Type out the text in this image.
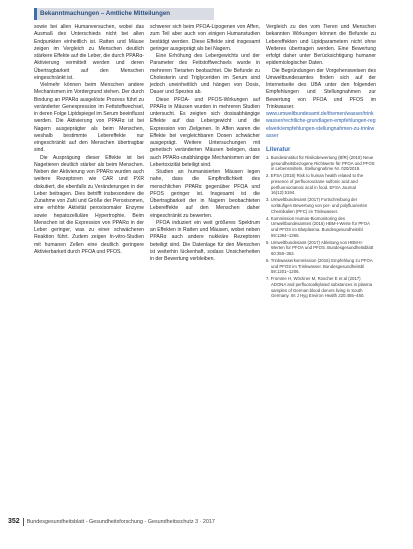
Bekanntmachungen – Amtliche Mitteilungen

sowie bei allen Humanversuchen, wobei das Ausmaß des Unterschieds nicht bei allen Endpunkten einheitlich ist. Ratten und Mäuse zeigen im Vergleich zu Menschen deutlich stärkere Effekte auf die Leber, die durch PPARα-Aktivierung vermittelt werden und deren Übertragbarkeit auf den Menschen eingeschränkt ist.

Vielmehr können beim Menschen andere Mechanismen im Vordergrund stehen. Der durch Bindung an PPARα ausgelöste Prozess führt zu veränderter Genexpression im Fettstoffwechsel, in deren Folge Lipidspiegel im Serum beeinflusst werden. Die Aktivierung von PPARα ist bei Nagern ausgeprägter als beim Menschen, weshalb bestimmte Lebereffekte nur eingeschränkt auf den Menschen übertragbar sind.

Die Ausprägung dieser Effekte ist bei Nagetieren deutlich stärker als beim Menschen. Neben der Aktivierung von PPARα wurden auch weitere Rezeptoren wie CAR und PXR diskutiert, die ebenfalls zu Veränderungen in der Leber beitragen. Dies betrifft insbesondere die Zunahme von Zahl und Größe der Peroxisomen, eine erhöhte Aktivität peroxisomaler Enzyme sowie hepatozelluläre Hypertrophie. Beim Menschen ist die Expression von PPARα in der Leber geringer, was zu einer schwächeren Reaktion führt. Zudem zeigen In-vitro-Studien mit humanen Zellen eine deutlich geringere Aktivierbarkeit durch PFOA und PFOS.

schwerer sich beim PFOA-Lipogenen von Affen, zum Teil aber auch von einigen Humanstudien bestätigt werden. Diese Effekte sind insgesamt geringer ausgeprägt als bei Nagern.

Eine Erhöhung des Lebergewichts und der Parameter des Fettstoffwechsels wurde in mehreren Tierarten beobachtet. Die Befunde zu Cholesterin und Triglyceriden im Serum sind jedoch uneinheitlich und hängen von Dosis, Dauer und Spezies ab.

Diese PFOA- und PFOS-Wirkungen auf PPARα in Mäusen wurden in mehreren Studien untersucht. Es zeigten sich dosisabhängige Effekte auf das Lebergewicht und die Expression von Zielgenen. In Affen waren die Effekte bei vergleichbaren Dosen schwächer ausgeprägt. Weitere Untersuchungen mit genetisch veränderten Mäusen belegen, dass auch PPARα-unabhängige Mechanismen an der Lebertoxizität beteiligt sind.

Studien an humanisierten Mäusen legen nahe, dass die Empfindlichkeit des menschlichen PPARα gegenüber PFOA und PFOS geringer ist. Insgesamt ist die Übertragbarkeit der in Nagern beobachteten Lebereffekte auf den Menschen daher eingeschränkt zu bewerten.

PFOA induziert ein weit größeres Spektrum an Effekten in Ratten und Mäusen, wobei neben PPARα auch andere nukleäre Rezeptoren beteiligt sind. Die Datenlage für den Menschen ist weiterhin lückenhaft, sodass Unsicherheiten in der Bewertung verbleiben.

Vergleich zu den vom Tieren und Menschen bekannten Wirkungen können die Befunde zu Lebereffekten und Lipidparametern nicht ohne Weiteres übertragen werden. Eine Bewertung erfolgt daher unter Berücksichtigung humaner epidemiologischer Daten.

Die Begründungen der Vorgehensweisen des Umweltbundesamtes finden sich auf der Internetseite des UBA unter den folgenden Empfehlungen und Stellungnahmen zur Bewertung von PFOA und PFOS im Trinkwasser.

www.umweltbundesamt.de/themen/wasser/trinkwasser/rechtliche-grundlagen-empfehlungen-regelwerk/empfehlungen-stellungnahmen-zu-trinkwasser

Literatur

1. Bundesinstitut für Risikobewertung (BfR) (2018) Neue gesundheitsbezogene Richtwerte für PFOA und PFOS in Lebensmitteln. Stellungnahme Nr. 020/2019.
2. EFSA (2018) Risk to human health related to the presence of perfluorooctane sulfonic acid and perfluorooctanoic acid in food. EFSA Journal 16(12):5194.
3. Umweltbundesamt (2017) Fortschreibung der vorläufigen Bewertung von per- und polyfluorierten Chemikalien (PFC) im Trinkwasser.
4. Kommission Human-Biomonitoring des Umweltbundesamtes (2016) HBM-I-Werte für PFOA und PFOS im Blutplasma. Bundesgesundheitsbl 59:1364–1365.
5. Umweltbundesamt (2017) Ableitung von HBM-II-Werten für PFOA und PFOS. Bundesgesundheitsblatt 60:350–352.
6. Trinkwasserkommission (2016) Empfehlung zu PFOA und PFOS im Trinkwasser. Bundesgesundheitsbl 59:1201–1206.
7. Fromme H, Wöckner M, Roscher E et al (2017) ADONA and perfluoroalkylated substances in plasma samples of German blood donors living in South Germany. Int J Hyg Environ Health 220:455–460.
352 Bundesgesundheitsblatt - Gesundheitsforschung - Gesundheitsschutz 3 · 2017
